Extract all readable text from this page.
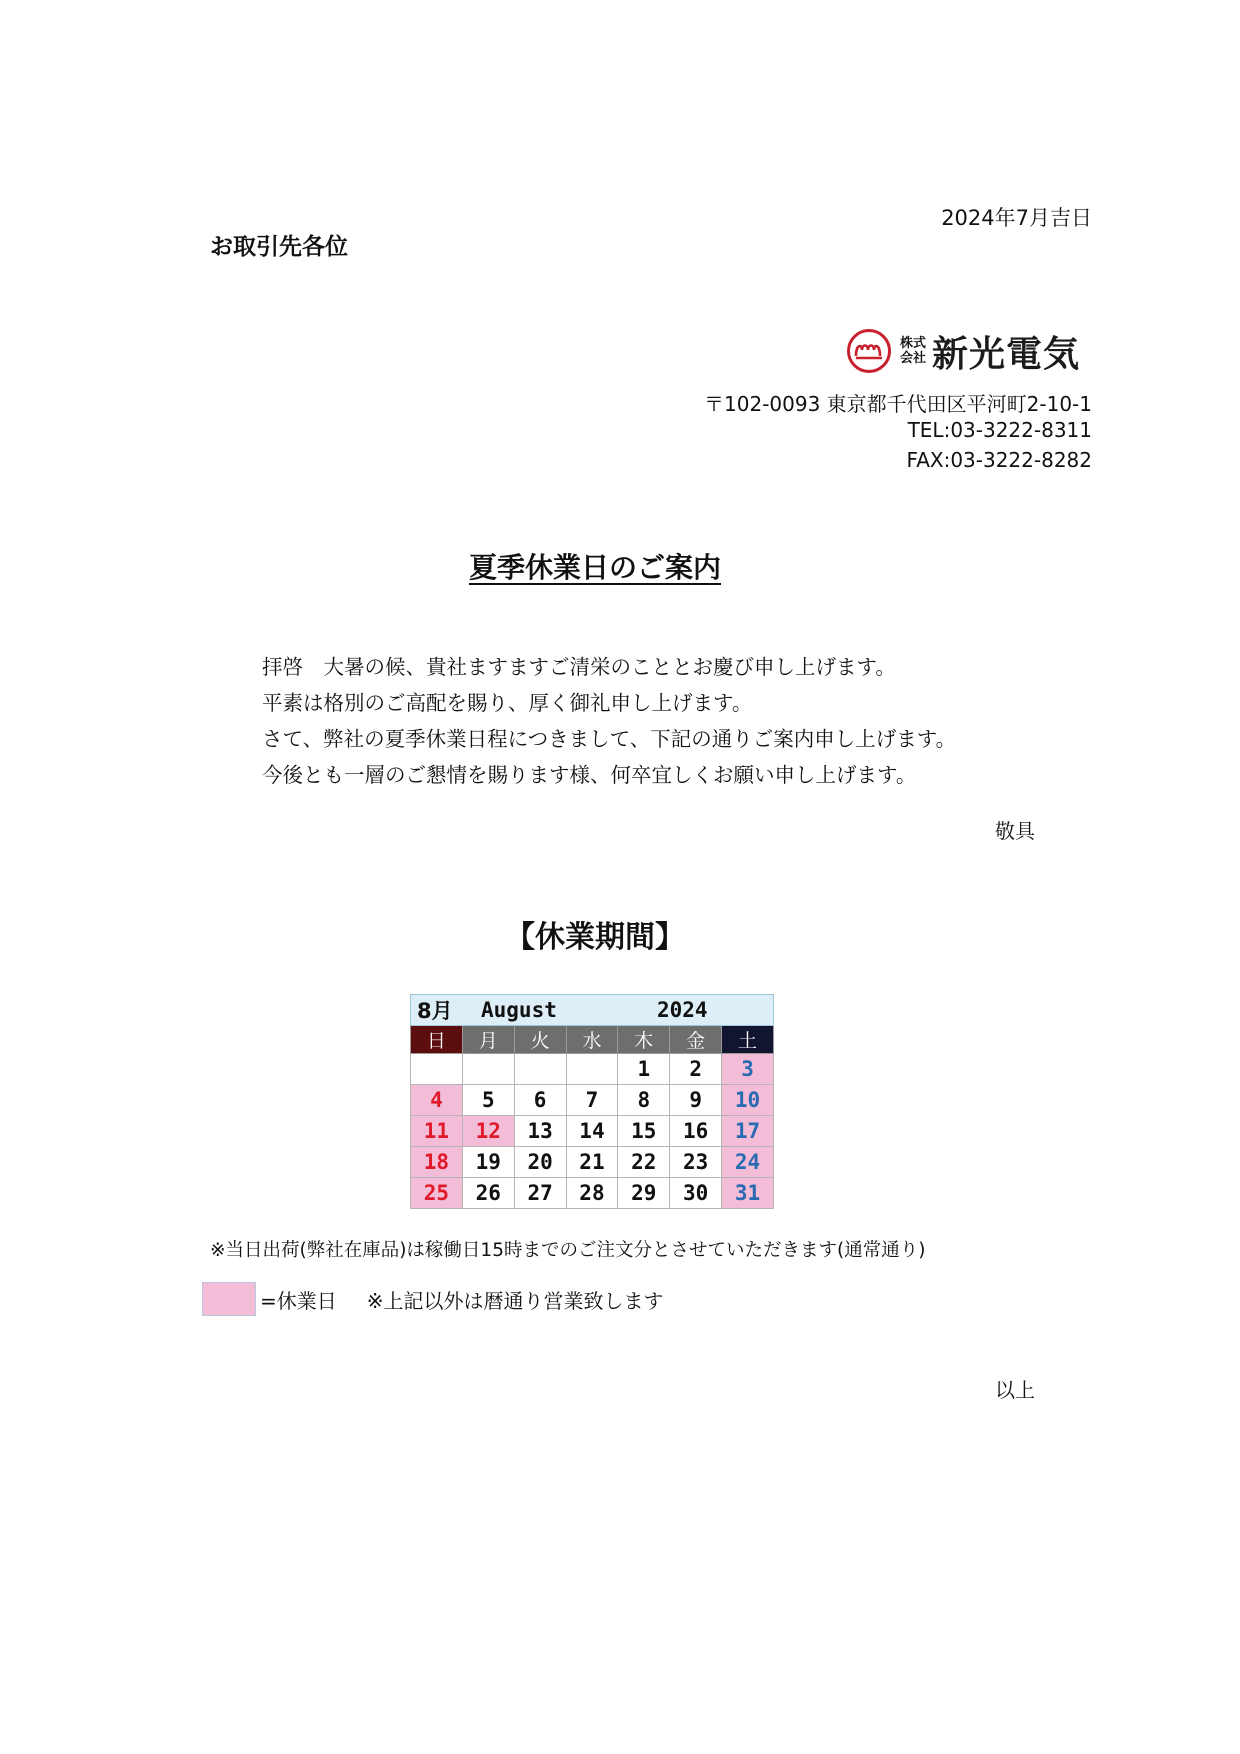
2024年7月吉日
お取引先各位
株式
会社 新光電気
〒102-0093 東京都千代田区平河町2-10-1
TEL:03-3222-8311
FAX:03-3222-8282
夏季休業日のご案内
拝啓　大暑の候、貴社ますますご清栄のこととお慶び申し上げます。
平素は格別のご高配を賜り、厚く御礼申し上げます。
さて、弊社の夏季休業日程につきまして、下記の通りご案内申し上げます。
今後とも一層のご懇情を賜ります様、何卒宜しくお願い申し上げます。
敬具
【休業期間】
8月 August 2024						

日	月	火	水	木	金	土
				1	2	3
4	5	6	7	8	9	10
11	12	13	14	15	16	17
18	19	20	21	22	23	24
25	26	27	28	29	30	31
※当日出荷(弊社在庫品)は稼働日15時までのご注文分とさせていただきます(通常通り)
=休業日 ※上記以外は暦通り営業致します
以上
